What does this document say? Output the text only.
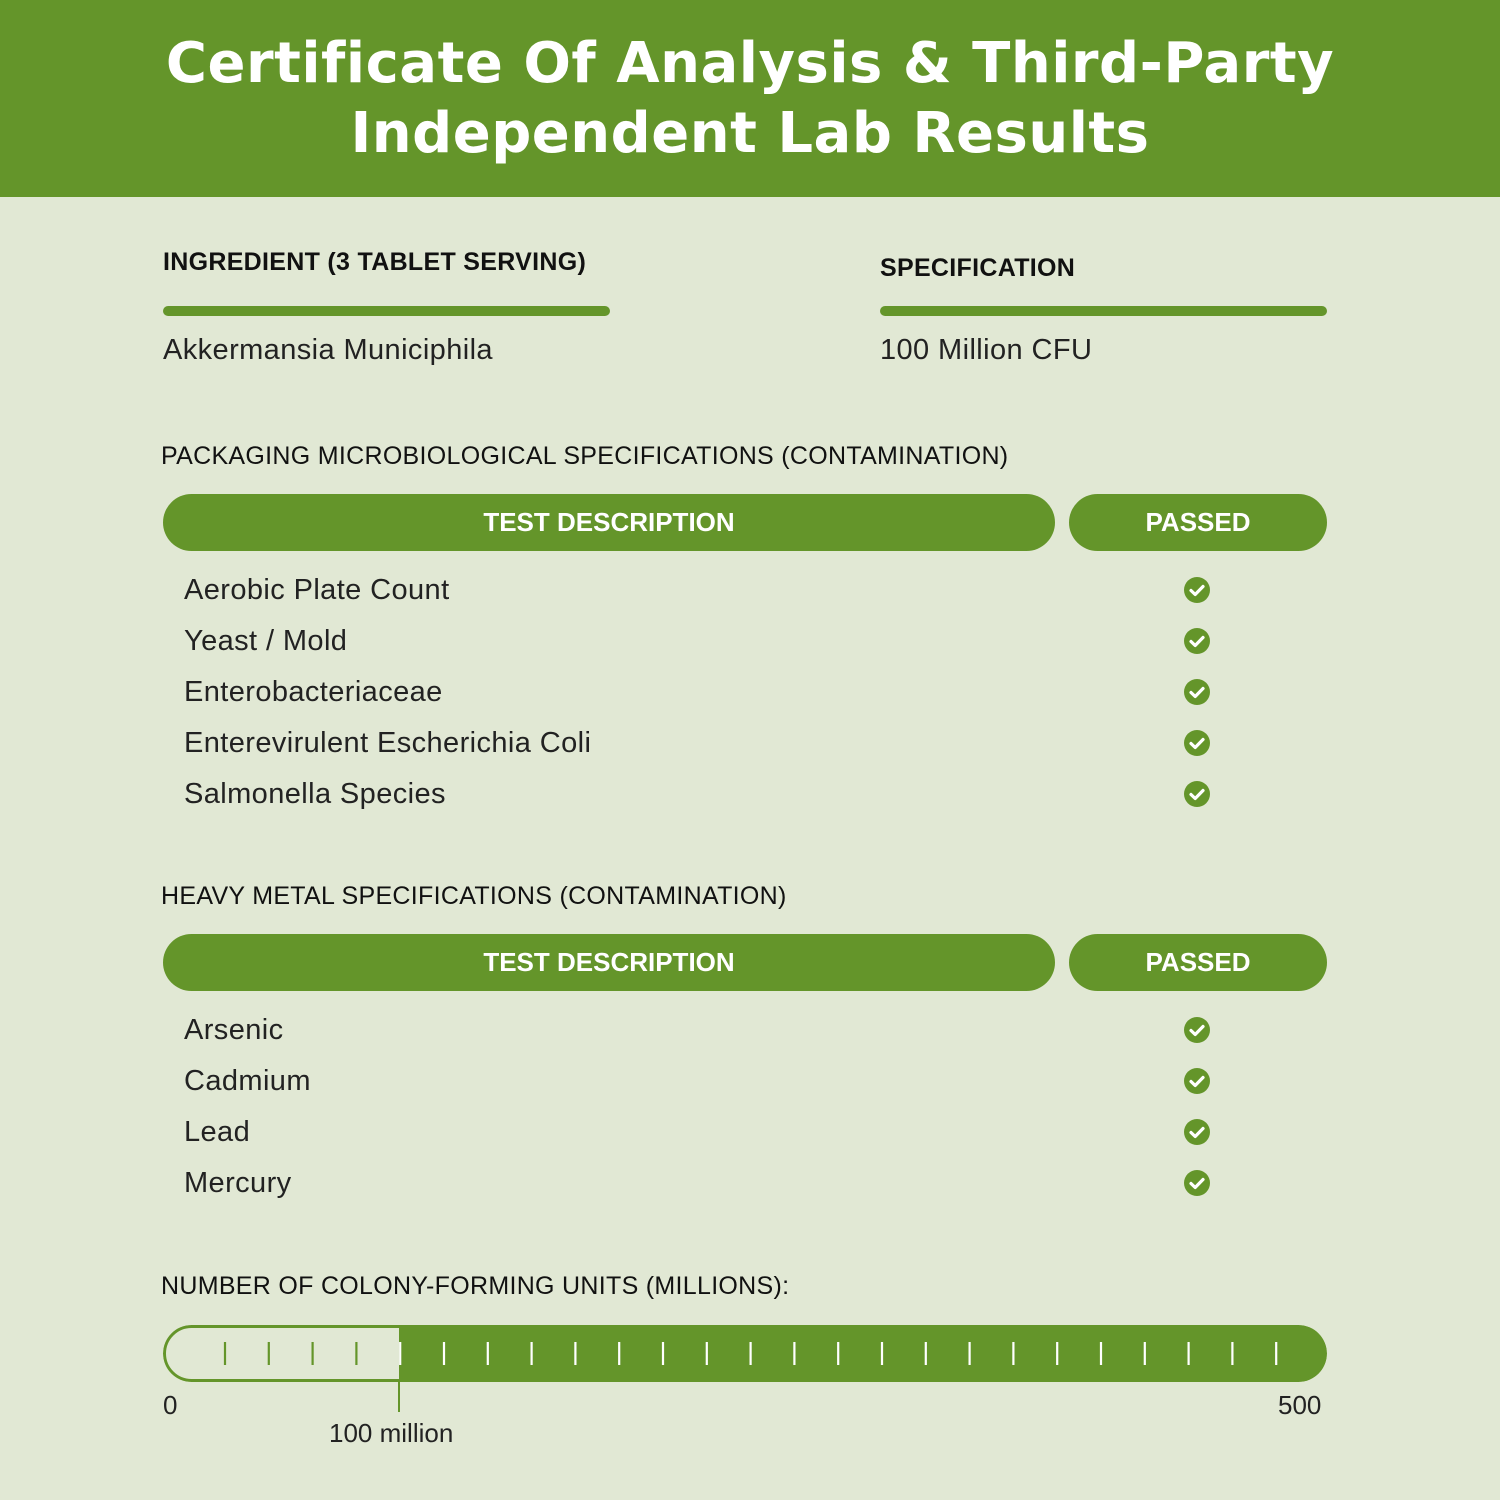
Certificate Of Analysis & Third-Party
Independent Lab Results
INGREDIENT (3 TABLET SERVING)
Akkermansia Municiphila
SPECIFICATION
100 Million CFU
PACKAGING MICROBIOLOGICAL SPECIFICATIONS (CONTAMINATION)
TEST DESCRIPTION	PASSED
Aerobic Plate Count
Yeast / Mold
Enterobacteriaceae
Enterevirulent Escherichia Coli
Salmonella Species
HEAVY METAL SPECIFICATIONS (CONTAMINATION)
TEST DESCRIPTION	PASSED
Arsenic
Cadmium
Lead
Mercury
NUMBER OF COLONY-FORMING UNITS (MILLIONS):
0	500
100 million
